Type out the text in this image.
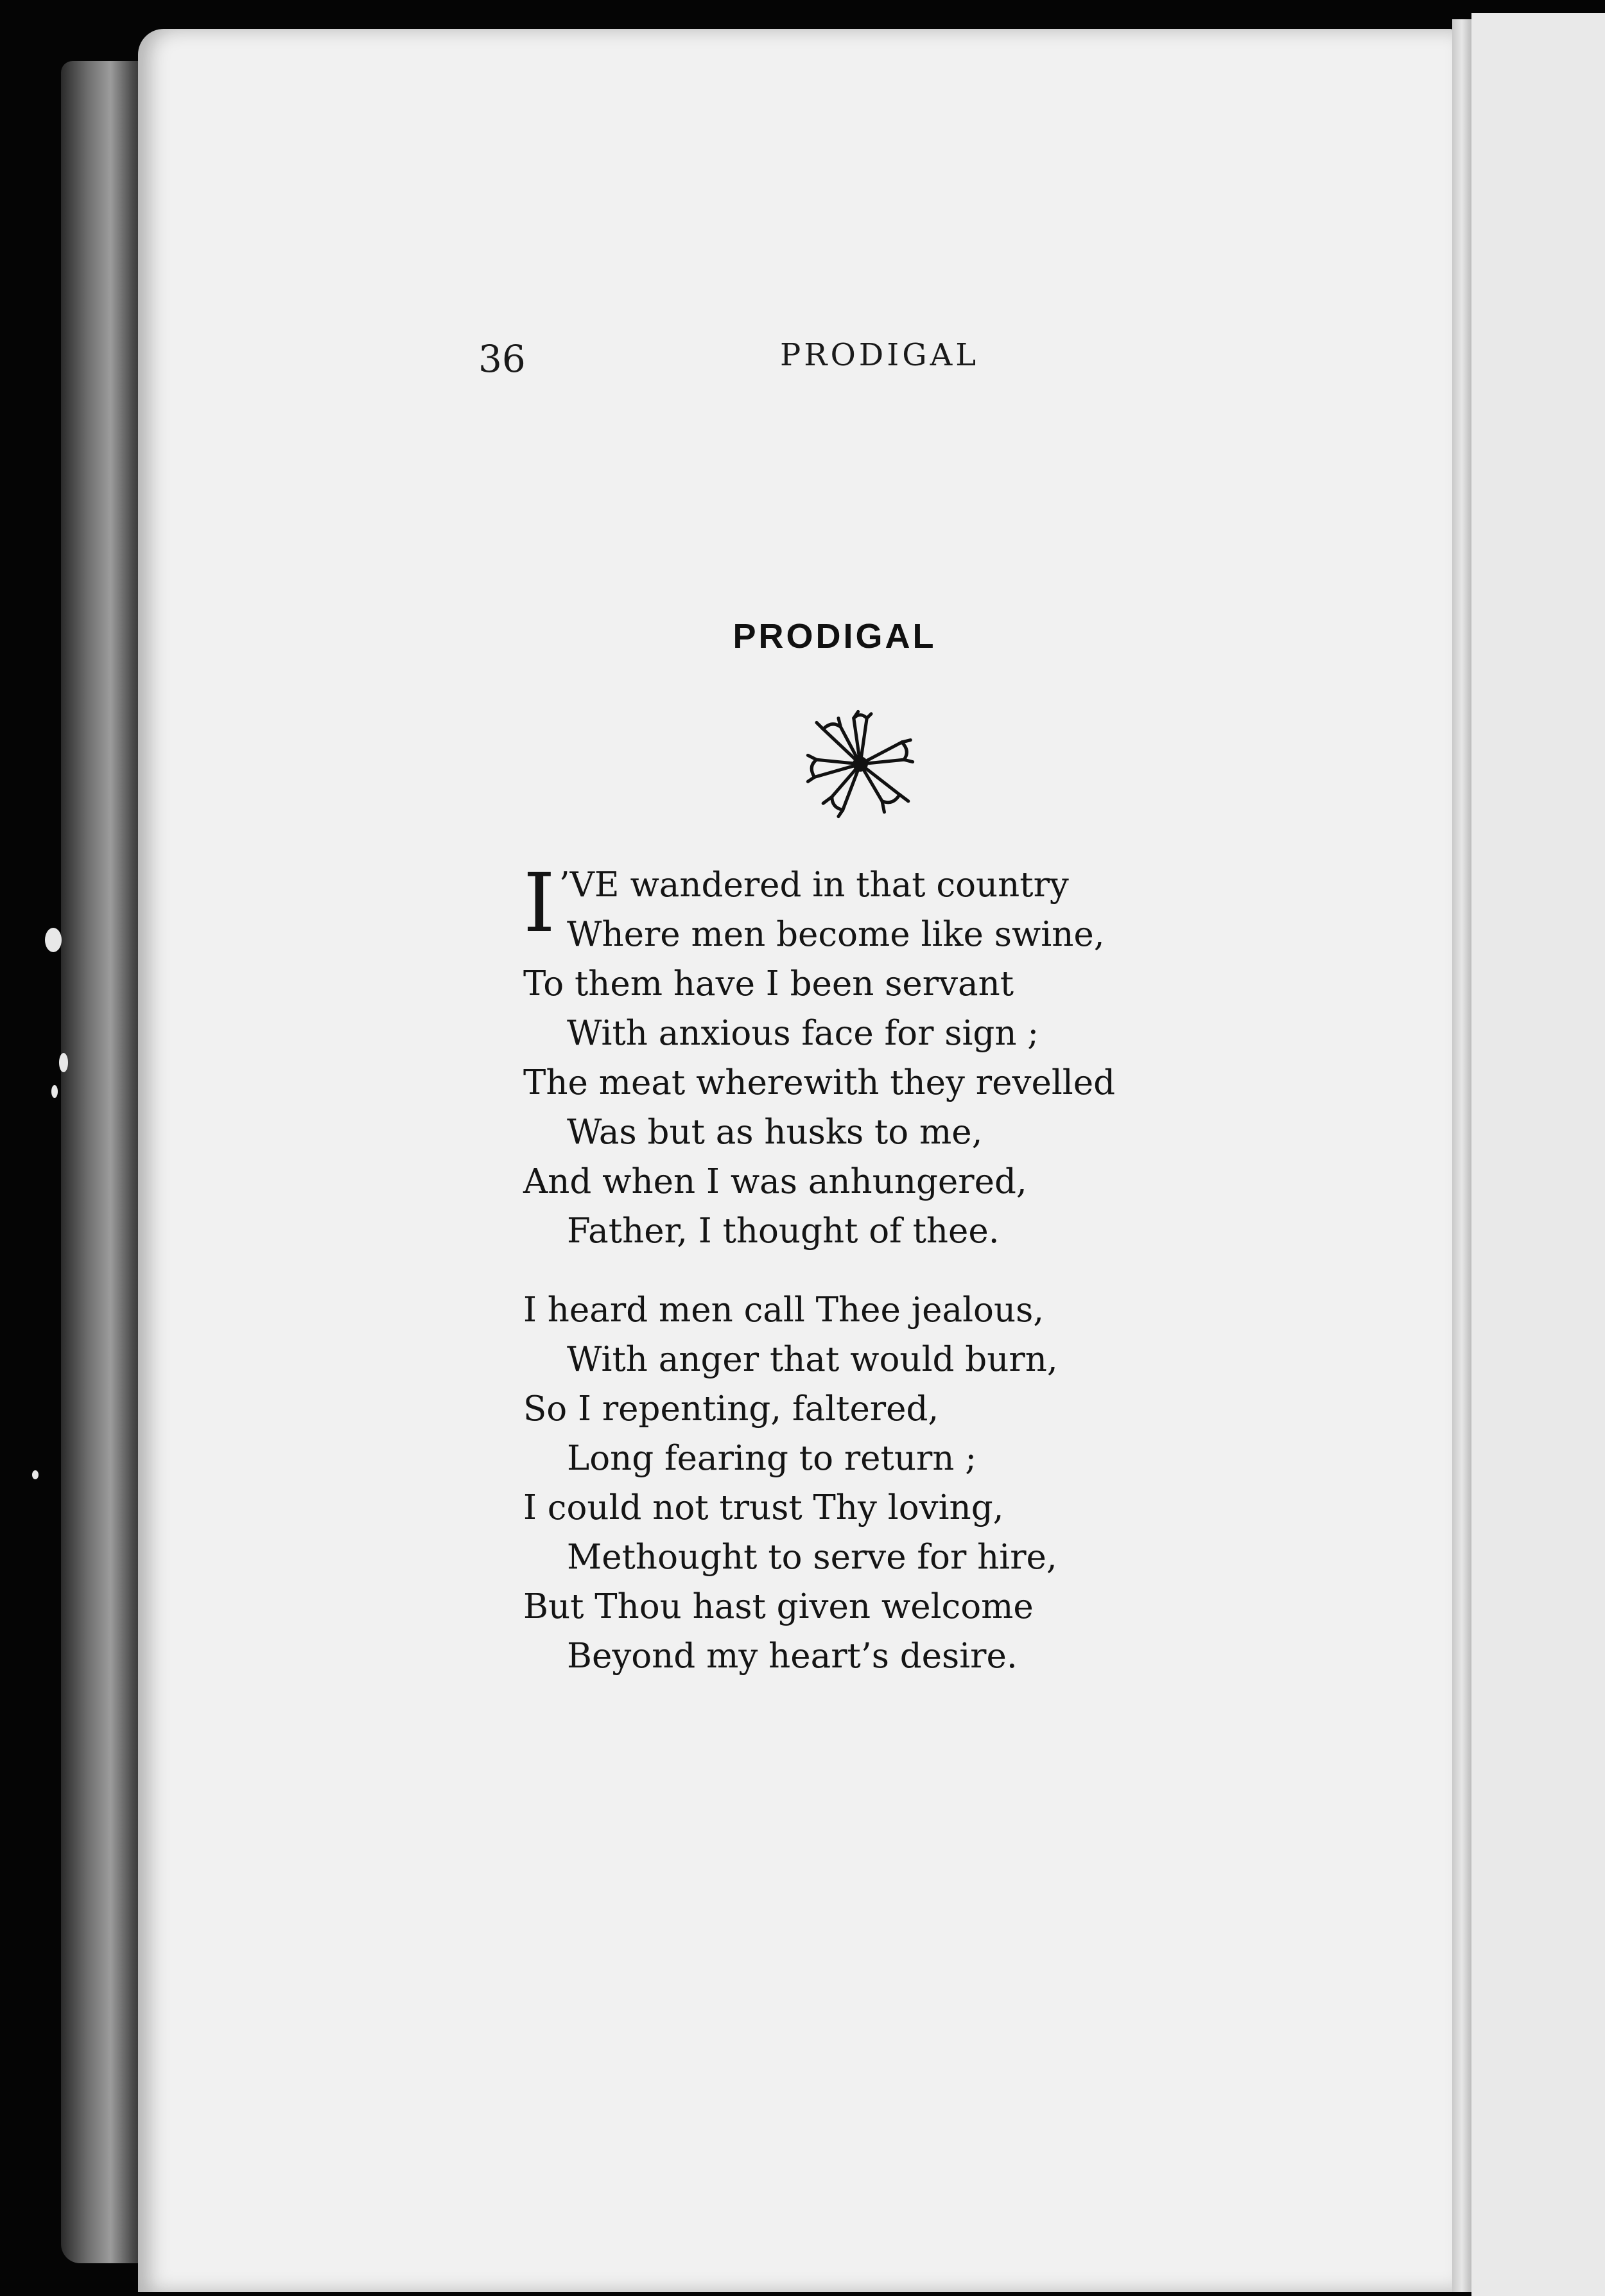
36	PRODIGAL
PRODIGAL
I ’VE wandered in that country
Where men become like swine,
To them have I been servant
With anxious face for sign ;
The meat wherewith they revelled
Was but as husks to me,
And when I was anhungered,
Father, I thought of thee.
I heard men call Thee jealous,
With anger that would burn,
So I repenting, faltered,
Long fearing to return ;
I could not trust Thy loving,
Methought to serve for hire,
But Thou hast given welcome
Beyond my heart’s desire.
